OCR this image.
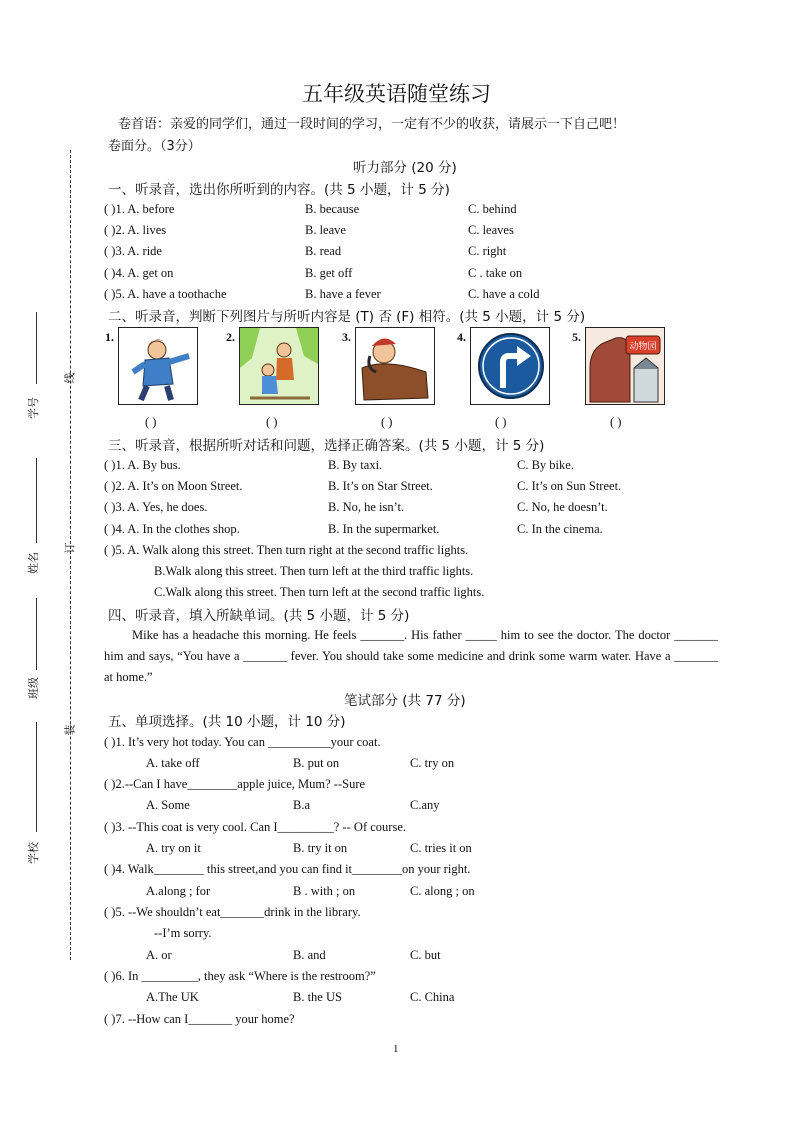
线
订
装
学号
姓名
班级
学校
五年级英语随堂练习
卷首语：亲爱的同学们，通过一段时间的学习，一定有不少的收获，请展示一下自己吧！
卷面分。（3分）
听力部分 (20 分)
一、听录音，选出你所听到的内容。(共 5 小题，计 5 分)
( )1. A. before	B. because	C. behind
( )2. A. lives	B. leave	C. leaves
( )3. A. ride	B. read	C. right
( )4. A. get on	B. get off	C . take on
( )5. A. have a toothache	B. have a fever	C. have a cold
二、听录音，判断下列图片与所听内容是 (T) 否 (F) 相符。(共 5 小题，计 5 分)
1.	2.	3.	4.	5.
动物园
( )	( )	( )	( )	( )
三、听录音，根据所听对话和问题，选择正确答案。(共 5 小题，计 5 分)
( )1. A. By bus.	B. By taxi.	C. By bike.
( )2. A. It’s on Moon Street.	B. It’s on Star Street.	C. It’s on Sun Street.
( )3. A. Yes, he does.	B. No, he isn’t.	C. No, he doesn’t.
( )4. A. In the clothes shop.	B. In the supermarket.	C. In the cinema.
( )5. A. Walk along this street. Then turn right at the second traffic lights.
B.Walk along this street. Then turn left at the third traffic lights.
C.Walk along this street. Then turn left at the second traffic lights.
四、听录音，填入所缺单词。(共 5 小题，计 5 分)
Mike has a headache this morning. He feels _______. His father _____ him to see the doctor. The doctor _______ him and says, “You have a _______ fever. You should take some medicine and drink some warm water. Have a _______ at home.”
笔试部分 (共 77 分)
五、单项选择。(共 10 小题，计 10 分)
( )1. It’s very hot today. You can __________your coat.
A. take off	B. put on	C. try on
( )2.--Can I have________apple juice, Mum? --Sure
A. Some	B.a	C.any
( )3. --This coat is very cool. Can I_________? -- Of course.
A. try on it	B. try it on	C. tries it on
( )4. Walk________ this street,and you can find it________on your right.
A.along ; for	B . with ; on	C. along ; on
( )5. --We shouldn’t eat_______drink in the library.
--I’m sorry.
A. or	B. and	C. but
( )6. In _________, they ask “Where is the restroom?”
A.The UK	B. the US	C. China
( )7. --How can I_______ your home?
1
